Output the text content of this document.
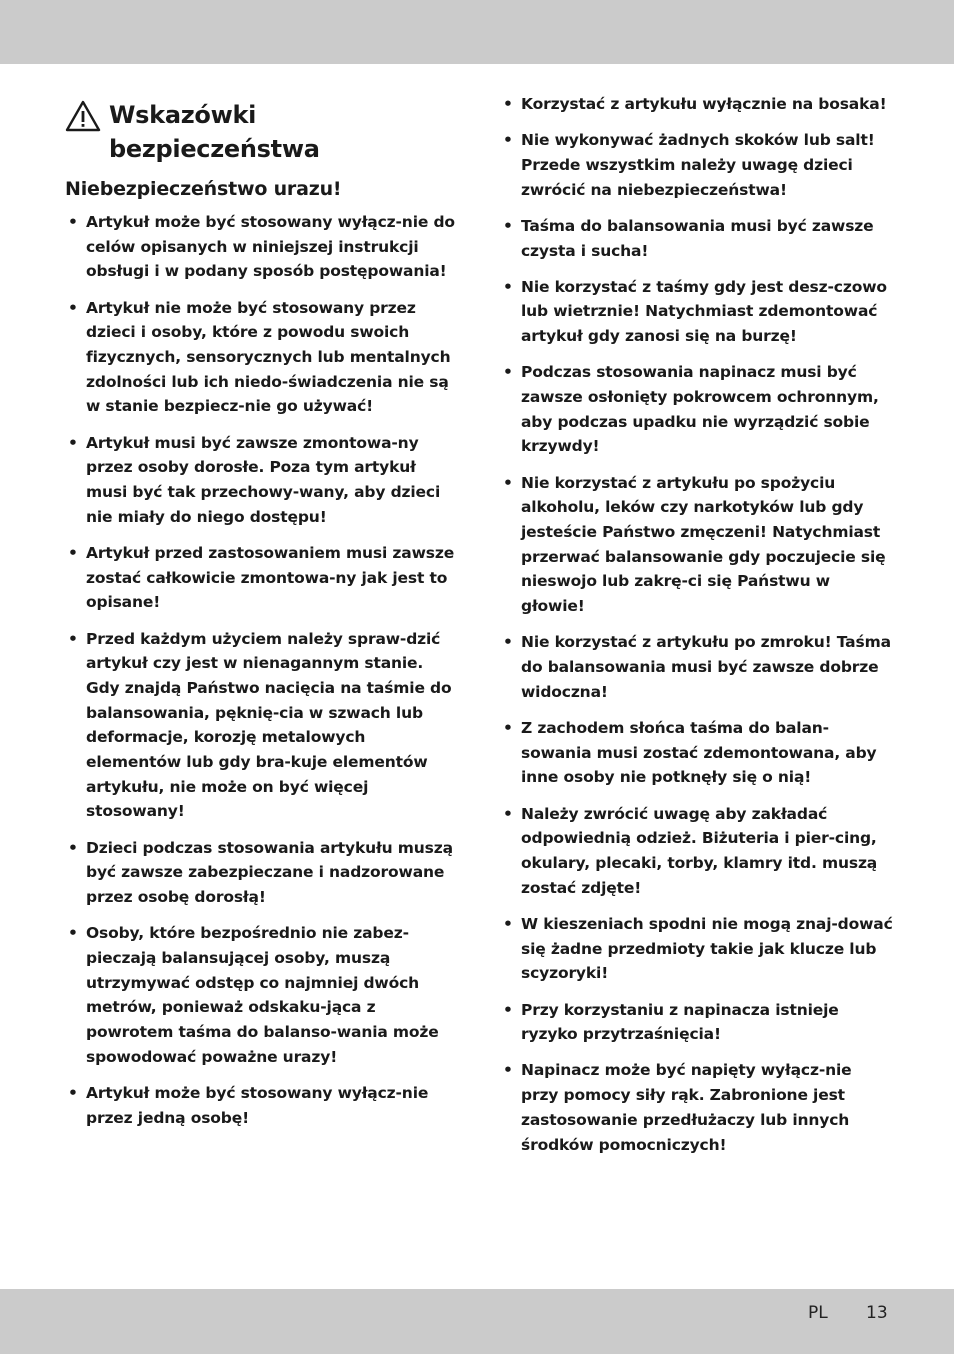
Wskazówki
bezpieczeństwa
Niebezpieczeństwo urazu!
• Artykuł może być stosowany wyłącz-nie do celów opisanych w niniejszej instrukcji obsługi i w podany sposób postępowania!
• Artykuł nie może być stosowany przez dzieci i osoby, które z powodu swoich fizycznych, sensorycznych lub mentalnych zdolności lub ich niedo-świadczenia nie są w stanie bezpiecz-nie go używać!
• Artykuł musi być zawsze zmontowa-ny przez osoby dorosłe. Poza tym artykuł musi być tak przechowy-wany, aby dzieci nie miały do niego dostępu!
• Artykuł przed zastosowaniem musi zawsze zostać całkowicie zmontowa-ny jak jest to opisane!
• Przed każdym użyciem należy spraw-dzić artykuł czy jest w nienagannym stanie. Gdy znajdą Państwo nacięcia na taśmie do balansowania, pęknię-cia w szwach lub deformacje, korozję metalowych elementów lub gdy bra-kuje elementów artykułu, nie może on być więcej stosowany!
• Dzieci podczas stosowania artykułu muszą być zawsze zabezpieczane i nadzorowane przez osobę dorosłą!
• Osoby, które bezpośrednio nie zabez-pieczają balansującej osoby, muszą utrzymywać odstęp co najmniej dwóch metrów, ponieważ odskaku-jąca z powrotem taśma do balanso-wania może spowodować poważne urazy!
• Artykuł może być stosowany wyłącz-nie przez jedną osobę!
• Korzystać z artykułu wyłącznie na bosaka!
• Nie wykonywać żadnych skoków lub salt! Przede wszystkim należy uwagę dzieci zwrócić na niebezpieczeństwa!
• Taśma do balansowania musi być zawsze czysta i sucha!
• Nie korzystać z taśmy gdy jest desz-czowo lub wietrznie! Natychmiast zdemontować artykuł gdy zanosi się na burzę!
• Podczas stosowania napinacz musi być zawsze osłonięty pokrowcem ochronnym, aby podczas upadku nie wyrządzić sobie krzywdy!
• Nie korzystać z artykułu po spożyciu alkoholu, leków czy narkotyków lub gdy jesteście Państwo zmęczeni! Natychmiast przerwać balansowanie gdy poczujecie się nieswojo lub zakrę-ci się Państwu w głowie!
• Nie korzystać z artykułu po zmroku! Taśma do balansowania musi być zawsze dobrze widoczna!
• Z zachodem słońca taśma do balan-sowania musi zostać zdemontowana, aby inne osoby nie potknęły się o nią!
• Należy zwrócić uwagę aby zakładać odpowiednią odzież. Biżuteria i pier-cing, okulary, plecaki, torby, klamry itd. muszą zostać zdjęte!
• W kieszeniach spodni nie mogą znaj-dować się żadne przedmioty takie jak klucze lub scyzoryki!
• Przy korzystaniu z napinacza istnieje ryzyko przytrzaśnięcia!
• Napinacz może być napięty wyłącz-nie przy pomocy siły rąk. Zabronione jest zastosowanie przedłużaczy lub innych środków pomocniczych!
PL 13
